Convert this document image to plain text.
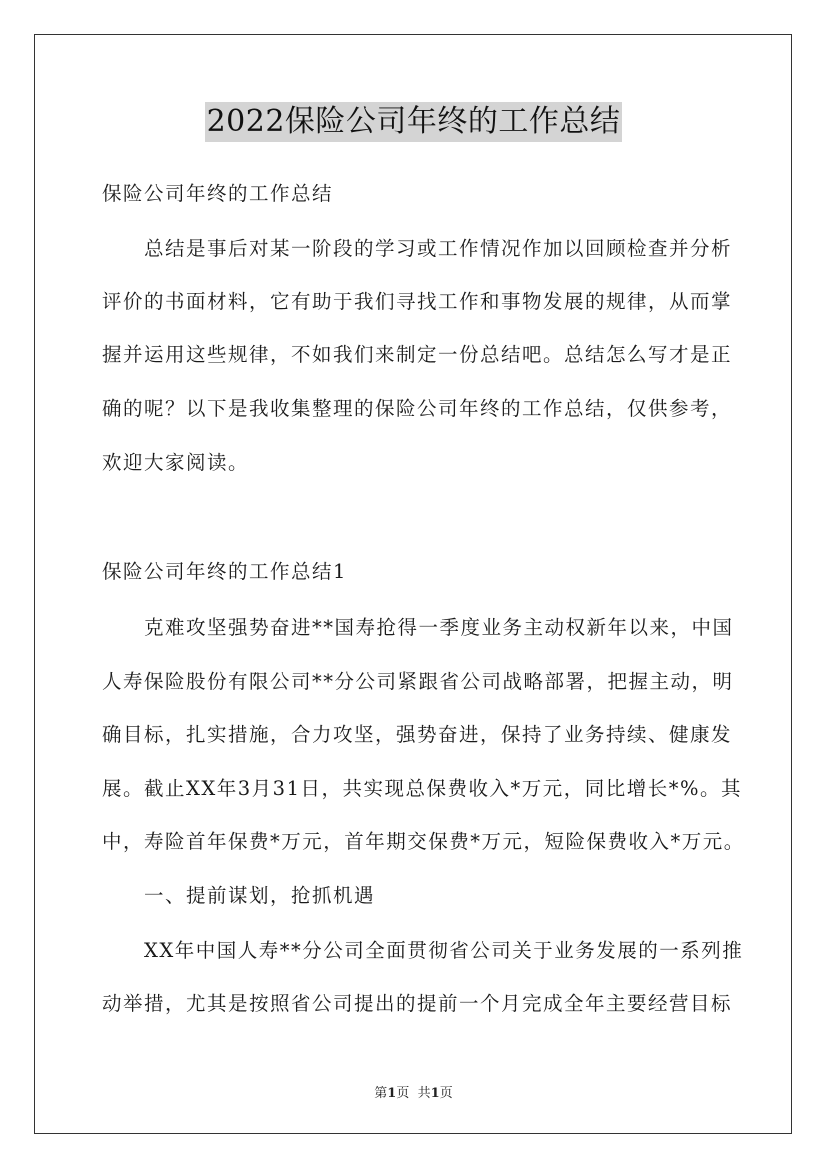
2022保险公司年终的工作总结
保险公司年终的工作总结
总结是事后对某一阶段的学习或工作情况作加以回顾检查并分析
评价的书面材料，它有助于我们寻找工作和事物发展的规律，从而掌
握并运用这些规律，不如我们来制定一份总结吧。总结怎么写才是正
确的呢？以下是我收集整理的保险公司年终的工作总结，仅供参考，
欢迎大家阅读。
保险公司年终的工作总结1
克难攻坚强势奋进**国寿抢得一季度业务主动权新年以来，中国
人寿保险股份有限公司**分公司紧跟省公司战略部署，把握主动，明
确目标，扎实措施，合力攻坚，强势奋进，保持了业务持续、健康发
展。截止XX年3月31日，共实现总保费收入*万元，同比增长*%。其
中，寿险首年保费*万元，首年期交保费*万元，短险保费收入*万元。
一、提前谋划，抢抓机遇
XX年中国人寿**分公司全面贯彻省公司关于业务发展的一系列推
动举措，尤其是按照省公司提出的提前一个月完成全年主要经营目标
第1页 共1页
